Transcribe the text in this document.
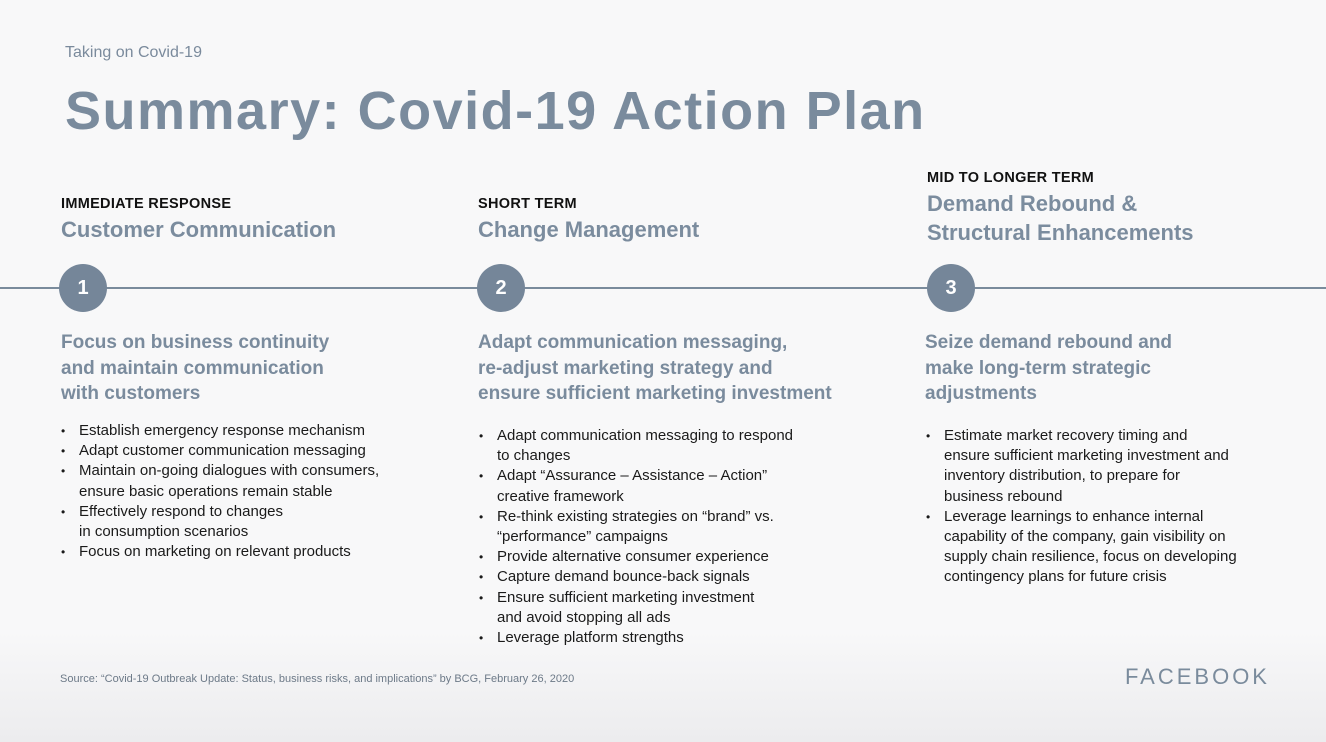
Taking on Covid-19
Summary: Covid-19 Action Plan
IMMEDIATE RESPONSE
Customer Communication
SHORT TERM
Change Management
MID TO LONGER TERM
Demand Rebound &
Structural Enhancements
1	2	3
Focus on business continuity
and maintain communication
with customers
Adapt communication messaging,
re-adjust marketing strategy and
ensure sufficient marketing investment
Seize demand rebound and
make long-term strategic
adjustments
• Establish emergency response mechanism
• Adapt customer communication messaging
• Maintain on-going dialogues with consumers,
ensure basic operations remain stable
• Effectively respond to changes
in consumption scenarios
• Focus on marketing on relevant products
• Adapt communication messaging to respond
to changes
• Adapt “Assurance – Assistance – Action”
creative framework
• Re-think existing strategies on “brand” vs.
“performance” campaigns
• Provide alternative consumer experience
• Capture demand bounce-back signals
• Ensure sufficient marketing investment
and avoid stopping all ads
• Leverage platform strengths
• Estimate market recovery timing and
ensure sufficient marketing investment and
inventory distribution, to prepare for
business rebound
• Leverage learnings to enhance internal
capability of the company, gain visibility on
supply chain resilience, focus on developing
contingency plans for future crisis
Source: “Covid-19 Outbreak Update: Status, business risks, and implications” by BCG, February 26, 2020	FACEBOOK
